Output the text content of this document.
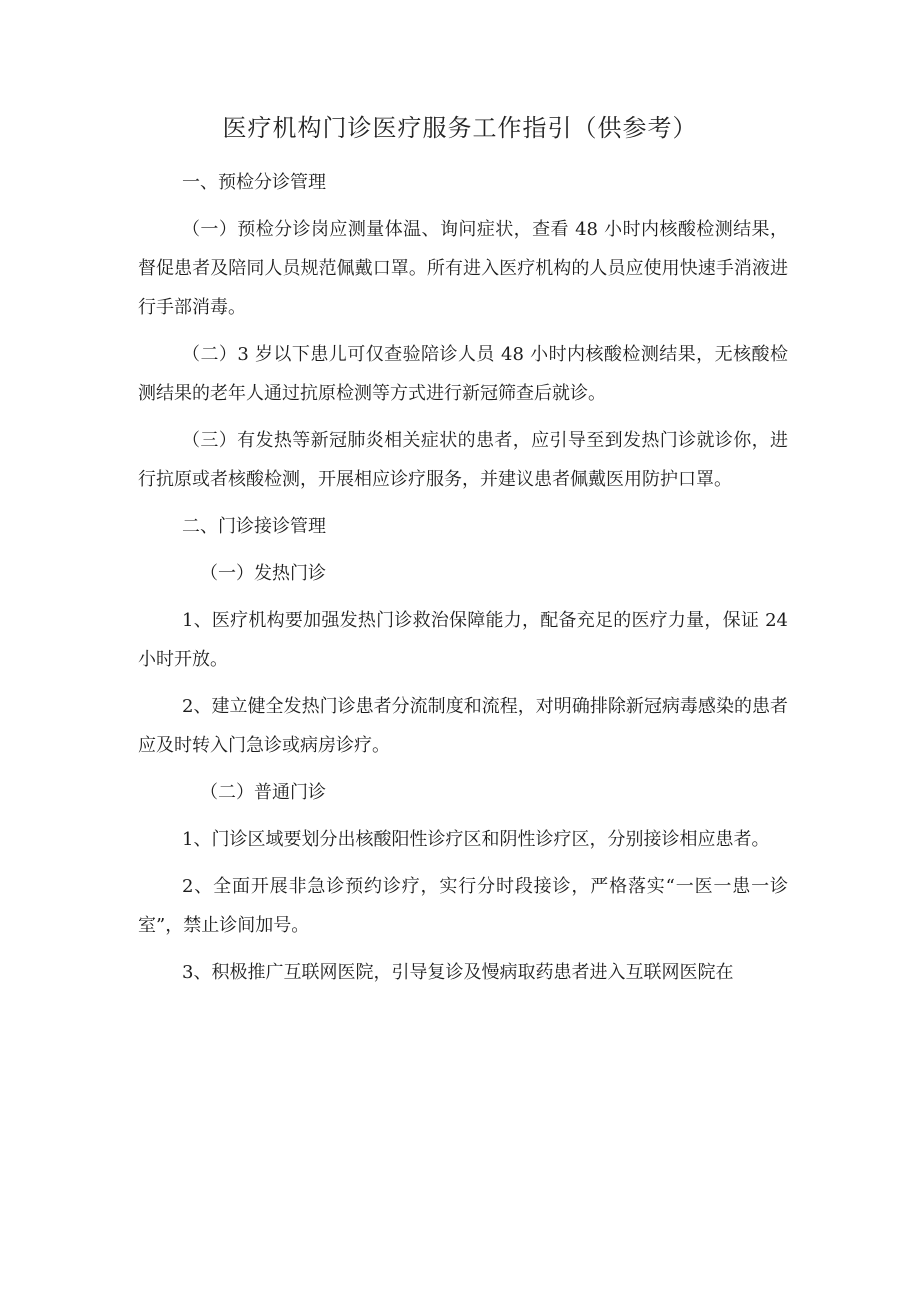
医疗机构门诊医疗服务工作指引（供参考）

一、预检分诊管理

（一）预检分诊岗应测量体温、询问症状，查看 48 小时内核酸检测结果，督促患者及陪同人员规范佩戴口罩。所有进入医疗机构的人员应使用快速手消液进行手部消毒。

（二）3 岁以下患儿可仅查验陪诊人员 48 小时内核酸检测结果，无核酸检测结果的老年人通过抗原检测等方式进行新冠筛查后就诊。

（三）有发热等新冠肺炎相关症状的患者，应引导至到发热门诊就诊你，进行抗原或者核酸检测，开展相应诊疗服务，并建议患者佩戴医用防护口罩。

二、门诊接诊管理

（一）发热门诊

1、医疗机构要加强发热门诊救治保障能力，配备充足的医疗力量，保证 24 小时开放。

2、建立健全发热门诊患者分流制度和流程，对明确排除新冠病毒感染的患者应及时转入门急诊或病房诊疗。

（二）普通门诊

1、门诊区域要划分出核酸阳性诊疗区和阴性诊疗区，分别接诊相应患者。

2、全面开展非急诊预约诊疗，实行分时段接诊，严格落实“一医一患一诊室”，禁止诊间加号。

3、积极推广互联网医院，引导复诊及慢病取药患者进入互联网医院在
